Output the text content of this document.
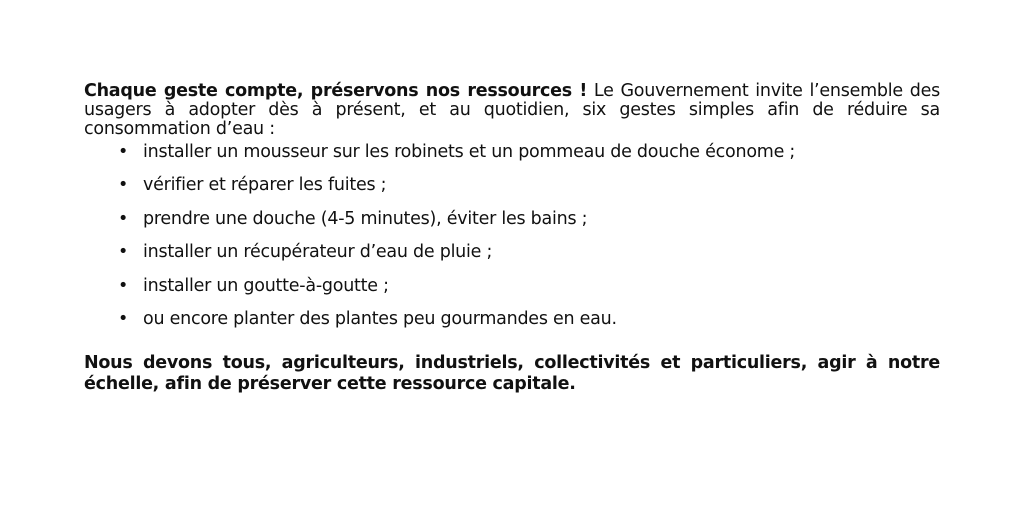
Chaque geste compte, préservons nos ressources ! Le Gouvernement invite l’ensemble des usagers à adopter dès à présent, et au quotidien, six gestes simples afin de réduire sa consommation d’eau :

• installer un mousseur sur les robinets et un pommeau de douche économe ;
• vérifier et réparer les fuites ;
• prendre une douche (4-5 minutes), éviter les bains ;
• installer un récupérateur d’eau de pluie ;
• installer un goutte-à-goutte ;
• ou encore planter des plantes peu gourmandes en eau.

Nous devons tous, agriculteurs, industriels, collectivités et particuliers, agir à notre échelle, afin de préserver cette ressource capitale.
